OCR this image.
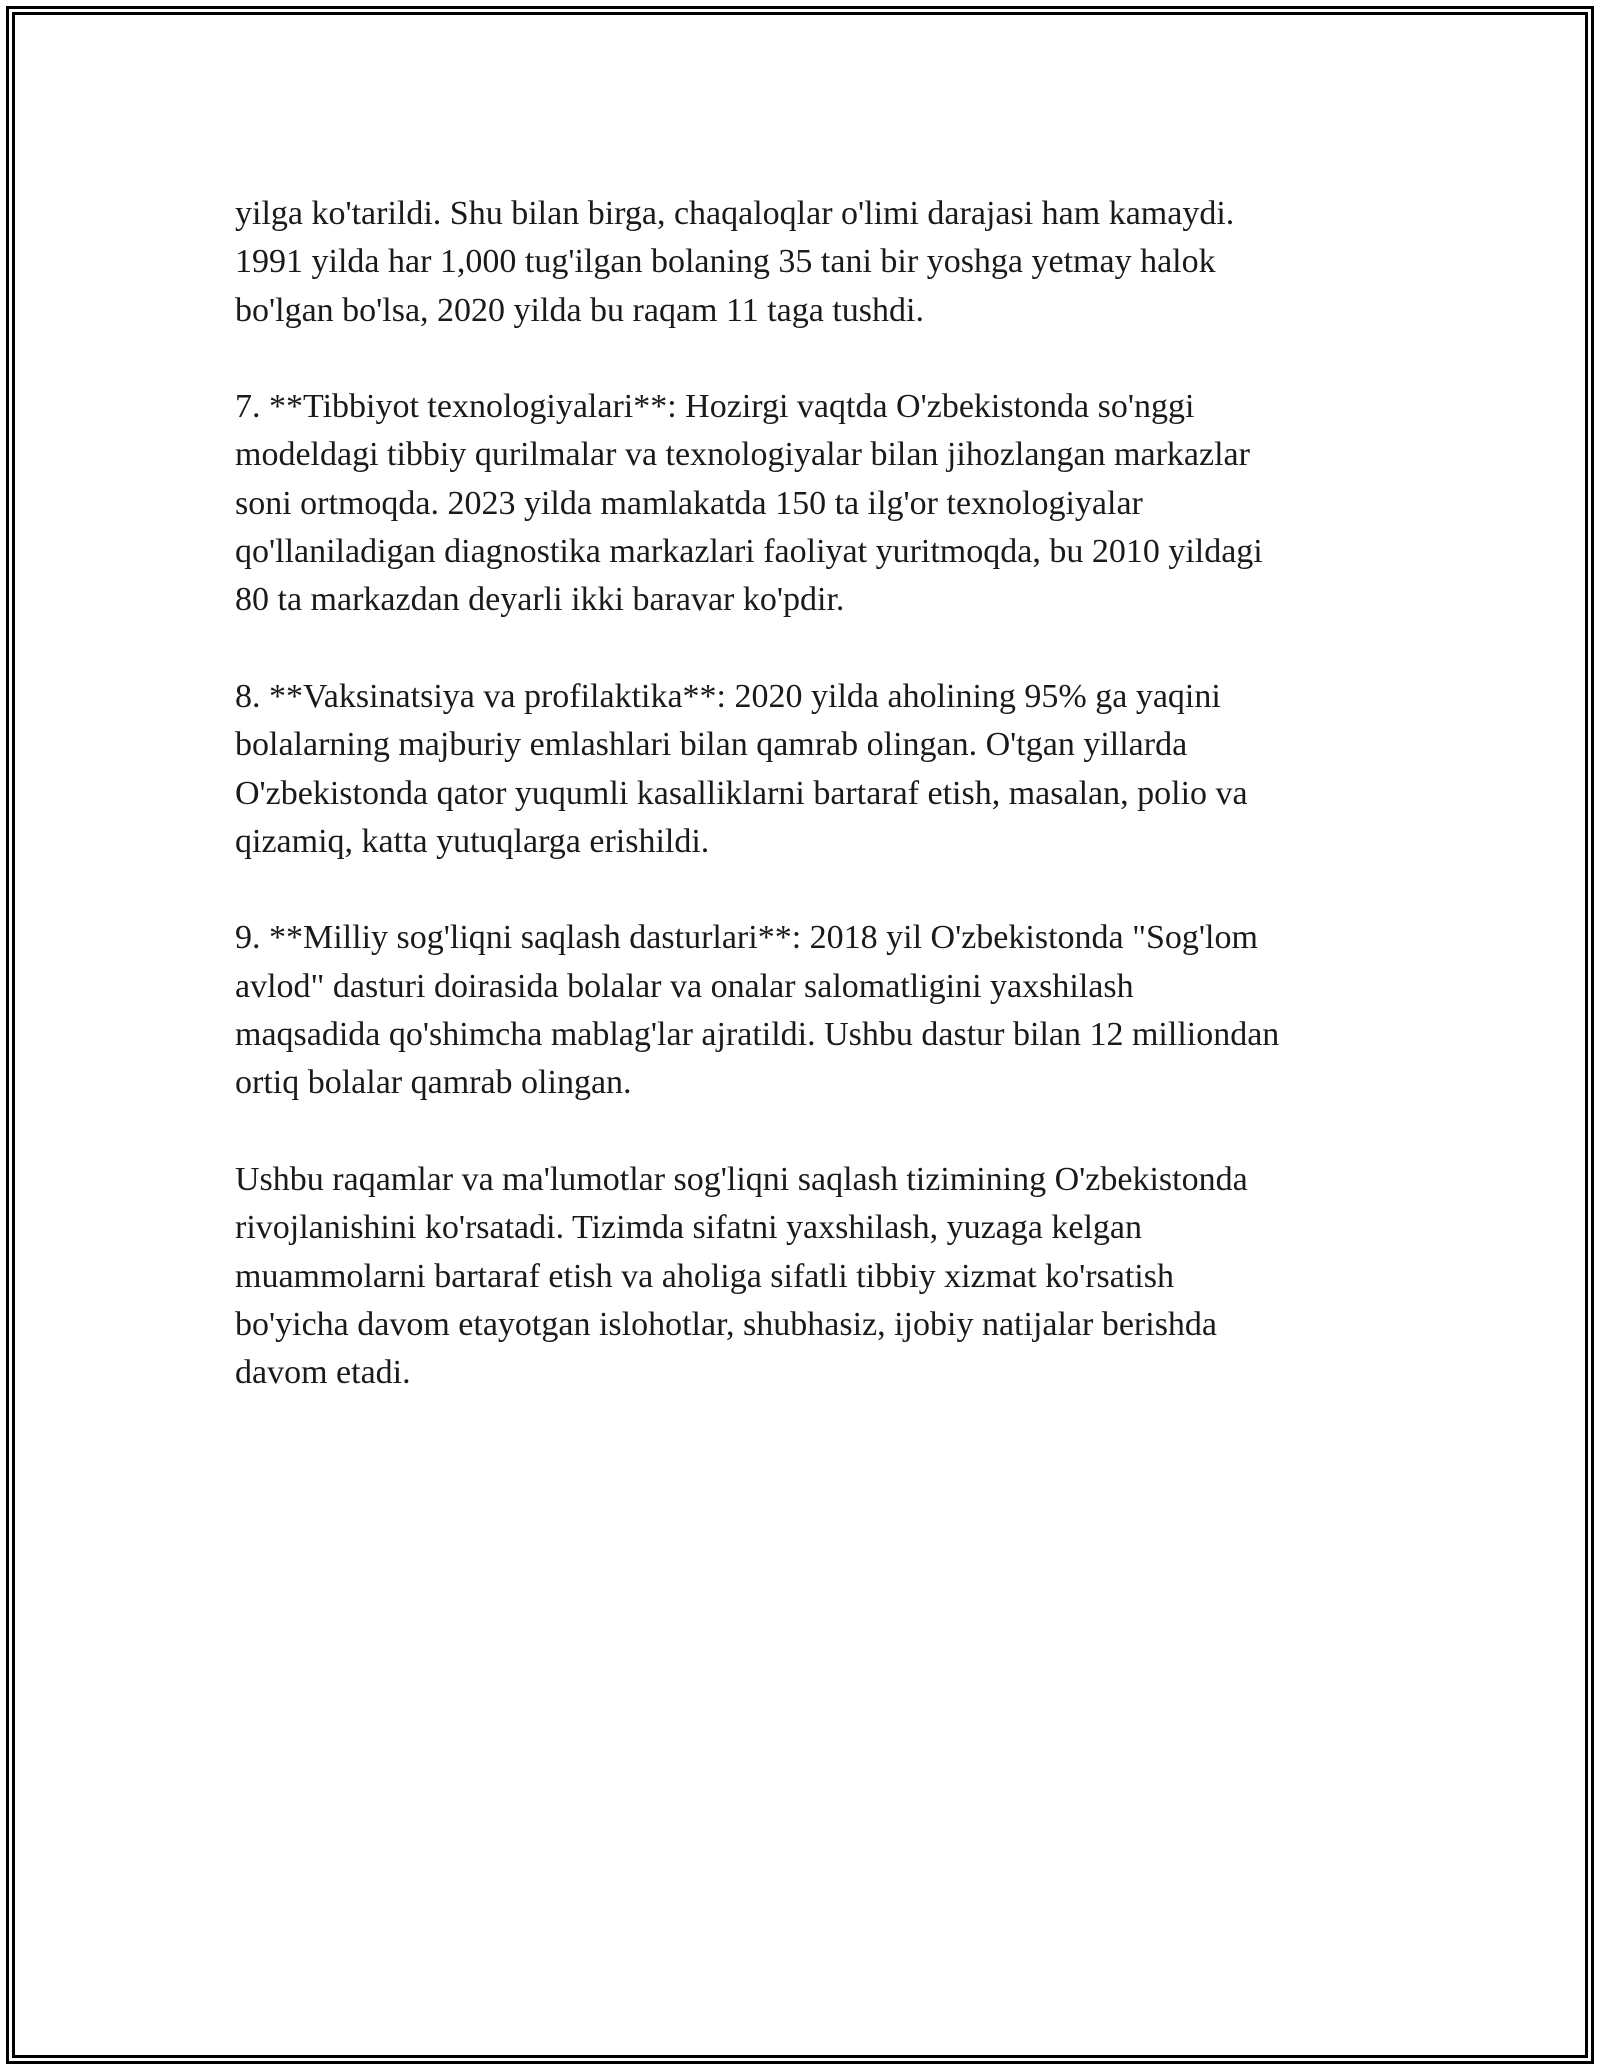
yilga ko'tarildi. Shu bilan birga, chaqaloqlar o'limi darajasi ham kamaydi.
1991 yilda har 1,000 tug'ilgan bolaning 35 tani bir yoshga yetmay halok
bo'lgan bo'lsa, 2020 yilda bu raqam 11 taga tushdi.

7. **Tibbiyot texnologiyalari**: Hozirgi vaqtda O'zbekistonda so'nggi
modeldagi tibbiy qurilmalar va texnologiyalar bilan jihozlangan markazlar
soni ortmoqda. 2023 yilda mamlakatda 150 ta ilg'or texnologiyalar
qo'llaniladigan diagnostika markazlari faoliyat yuritmoqda, bu 2010 yildagi
80 ta markazdan deyarli ikki baravar ko'pdir.

8. **Vaksinatsiya va profilaktika**: 2020 yilda aholining 95% ga yaqini
bolalarning majburiy emlashlari bilan qamrab olingan. O'tgan yillarda
O'zbekistonda qator yuqumli kasalliklarni bartaraf etish, masalan, polio va
qizamiq, katta yutuqlarga erishildi.

9. **Milliy sog'liqni saqlash dasturlari**: 2018 yil O'zbekistonda "Sog'lom
avlod" dasturi doirasida bolalar va onalar salomatligini yaxshilash
maqsadida qo'shimcha mablag'lar ajratildi. Ushbu dastur bilan 12 milliondan
ortiq bolalar qamrab olingan.

Ushbu raqamlar va ma'lumotlar sog'liqni saqlash tizimining O'zbekistonda
rivojlanishini ko'rsatadi. Tizimda sifatni yaxshilash, yuzaga kelgan
muammolarni bartaraf etish va aholiga sifatli tibbiy xizmat ko'rsatish
bo'yicha davom etayotgan islohotlar, shubhasiz, ijobiy natijalar berishda
davom etadi.
